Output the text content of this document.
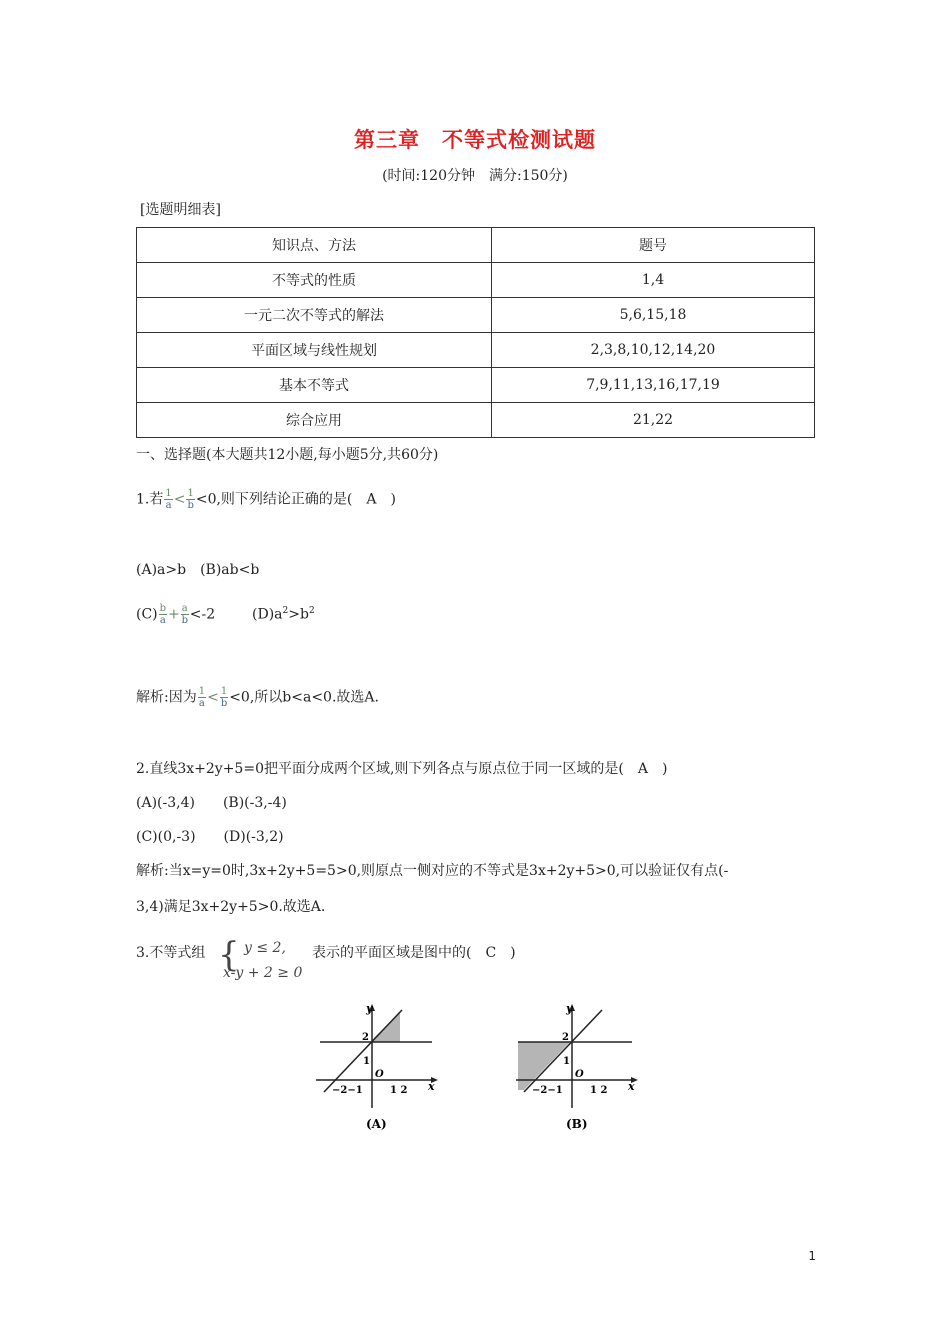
第三章　不等式检测试题
(时间:120分钟　满分:150分)
[选题明细表]
知识点、方法	题号
不等式的性质	1,4
一元二次不等式的解法	5,6,15,18
平面区域与线性规划	2,3,8,10,12,14,20
基本不等式	7,9,11,13,16,17,19
综合应用	21,22
一、选择题(本大题共12小题,每小题5分,共60分)
1.若 $\frac{1}{a} < \frac{1}{b} <0$,则下列结论正确的是(　A　)
(A)a>b　(B)ab<b
$(C) \frac{b}{a} + \frac{a}{b} <-2$	$(D)a^2>b^2$
解析:因为 $\frac{1}{a} < \frac{1}{b} <0$,所以b<a<0.故选A.
2.直线3x+2y+5=0把平面分成两个区域,则下列各点与原点位于同一区域的是(　A　)
(A)(-3,4)　　(B)(-3,-4)
(C)(0,-3)　　(D)(-3,2)
解析:当x=y=0时,3x+2y+5=5>0,则原点一侧对应的不等式是3x+2y+5>0,可以验证仅有点(-
3,4)满足3x+2y+5>0.故选A.
3.不等式组 { y ≤ 2,
x-y + 2 ≥ 0
表示的平面区域是图中的(　C　)
y
x
2
1
O
−2−1	1 2
(A)
y
x
2
1
O
−2−1	1 2
(B)
1
